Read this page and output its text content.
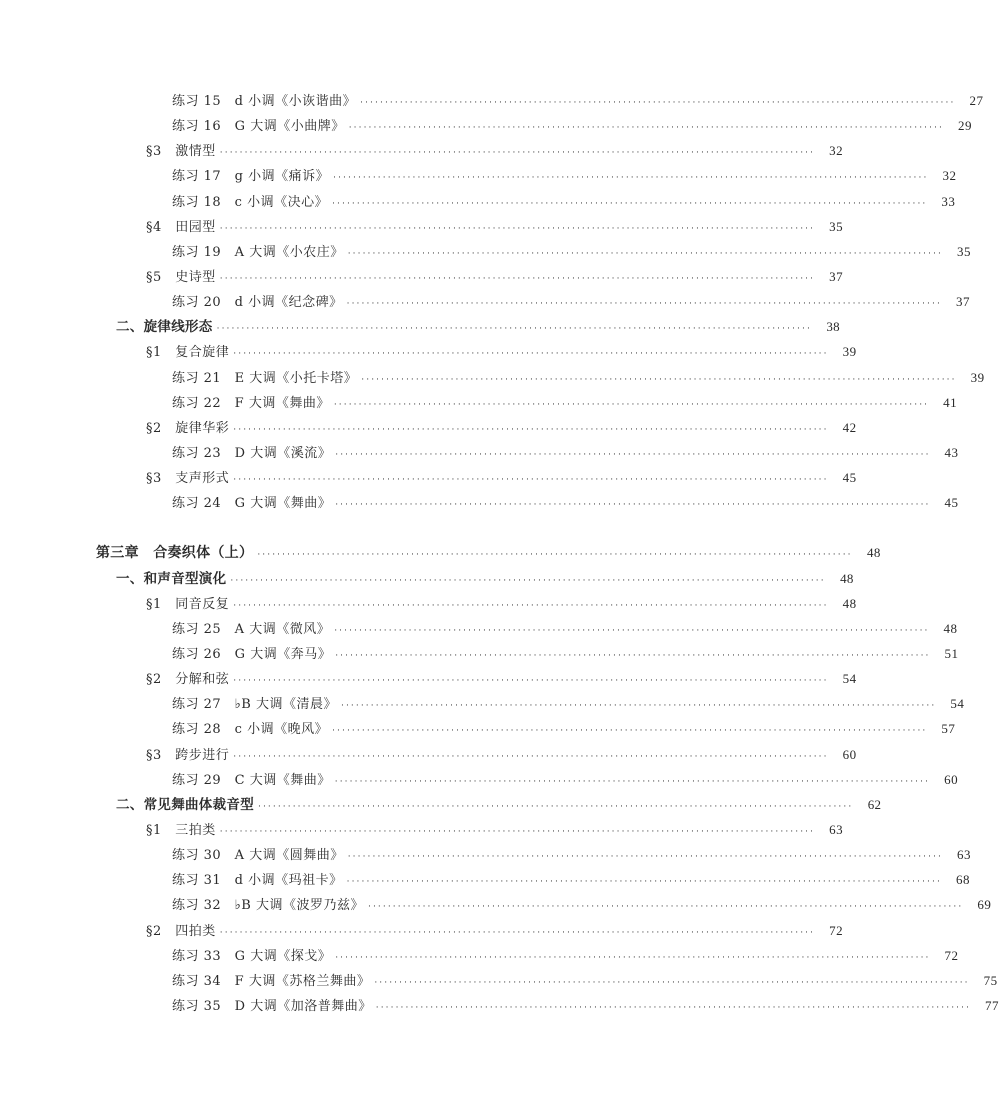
练习 15　d 小调《小诙谐曲》 ························································································································	27
练习 16　G 大调《小曲牌》 ························································································································	29
§3　激情型 ························································································································	32
练习 17　g 小调《痛诉》 ························································································································	32
练习 18　c 小调《决心》 ························································································································	33
§4　田园型 ························································································································	35
练习 19　A 大调《小农庄》 ························································································································	35
§5　史诗型 ························································································································	37
练习 20　d 小调《纪念碑》 ························································································································	37
二、旋律线形态 ························································································································	38
§1　复合旋律 ························································································································	39
练习 21　E 大调《小托卡塔》 ························································································································	39
练习 22　F 大调《舞曲》 ························································································································	41
§2　旋律华彩 ························································································································	42
练习 23　D 大调《溪流》 ························································································································	43
§3　支声形式 ························································································································	45
练习 24　G 大调《舞曲》 ························································································································	45
第三章　合奏织体（上） ························································································································	48
一、和声音型演化 ························································································································	48
§1　同音反复 ························································································································	48
练习 25　A 大调《微风》 ························································································································	48
练习 26　G 大调《奔马》 ························································································································	51
§2　分解和弦 ························································································································	54
练习 27　♭B 大调《清晨》 ························································································································	54
练习 28　c 小调《晚风》 ························································································································	57
§3　跨步进行 ························································································································	60
练习 29　C 大调《舞曲》 ························································································································	60
二、常见舞曲体裁音型 ························································································································	62
§1　三拍类 ························································································································	63
练习 30　A 大调《圆舞曲》 ························································································································	63
练习 31　d 小调《玛祖卡》 ························································································································	68
练习 32　♭B 大调《波罗乃兹》 ························································································································	69
§2　四拍类 ························································································································	72
练习 33　G 大调《探戈》 ························································································································	72
练习 34　F 大调《苏格兰舞曲》 ························································································································	75
练习 35　D 大调《加洛普舞曲》 ························································································································	77
